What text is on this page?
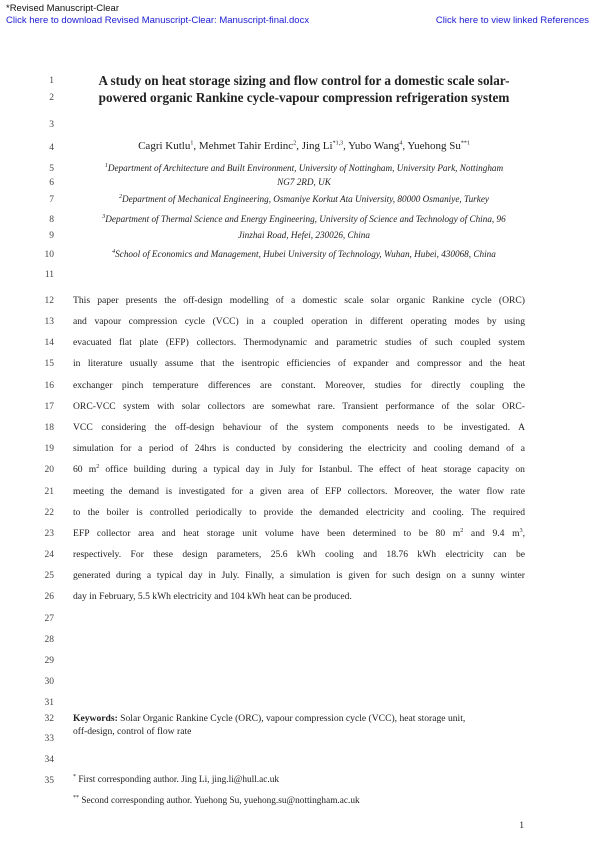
*Revised Manuscript-Clear
Click here to download Revised Manuscript-Clear: Manuscript-final.docx	Click here to view linked References
1
2
3
4
5
6
7
8
9
10
11
12
13
14
15
16
17
18
19
20
21
22
23
24
25
26
27
28
29
30
31
32
33
34
35
A study on heat storage sizing and flow control for a domestic scale solar-
powered organic Rankine cycle-vapour compression refrigeration system
Cagri Kutlu$^1$, Mehmet Tahir Erdinc$^2$, Jing Li$^{*1,3}$, Yubo Wang$^4$, Yuehong Su$^{**1}$
$^1$Department of Architecture and Built Environment, University of Nottingham, University Park, Nottingham
NG7 2RD, UK
$^2$Department of Mechanical Engineering, Osmaniye Korkut Ata University, 80000 Osmaniye, Turkey
$^3$Department of Thermal Science and Energy Engineering, University of Science and Technology of China, 96
Jinzhai Road, Hefei, 230026, China
$^4$School of Economics and Management, Hubei University of Technology, Wuhan, Hubei, 430068, China
This paper presents the off-design modelling of a domestic scale solar organic Rankine cycle (ORC)
and vapour compression cycle (VCC) in a coupled operation in different operating modes by using
evacuated flat plate (EFP) collectors. Thermodynamic and parametric studies of such coupled system
in literature usually assume that the isentropic efficiencies of expander and compressor and the heat
exchanger pinch temperature differences are constant. Moreover, studies for directly coupling the
ORC-VCC system with solar collectors are somewhat rare. Transient performance of the solar ORC-
VCC considering the off-design behaviour of the system components needs to be investigated. A
simulation for a period of 24hrs is conducted by considering the electricity and cooling demand of a
60 $m^2$ office building during a typical day in July for Istanbul. The effect of heat storage capacity on
meeting the demand is investigated for a given area of EFP collectors. Moreover, the water flow rate
to the boiler is controlled periodically to provide the demanded electricity and cooling. The required
EFP collector area and heat storage unit volume have been determined to be 80 $m^2$ and 9.4 $m^3$,
respectively. For these design parameters, 25.6 kWh cooling and 18.76 kWh electricity can be
generated during a typical day in July. Finally, a simulation is given for such design on a sunny winter
day in February, 5.5 kWh electricity and 104 kWh heat can be produced.
Keywords: Solar Organic Rankine Cycle (ORC), vapour compression cycle (VCC), heat storage unit,
off-design, control of flow rate
* First corresponding author. Jing Li, jing.li@hull.ac.uk
** Second corresponding author. Yuehong Su, yuehong.su@nottingham.ac.uk
1
